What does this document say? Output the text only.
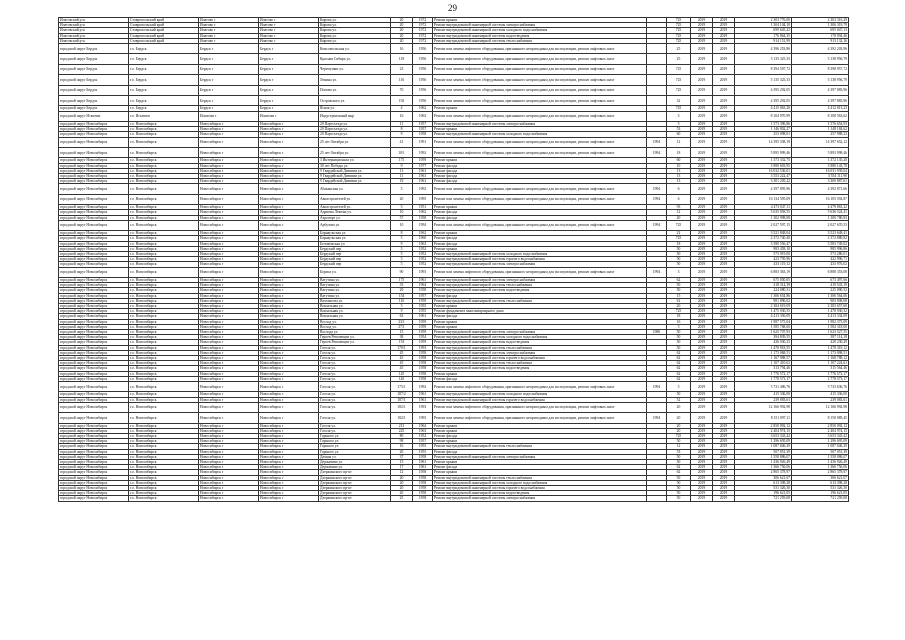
29
Ипатовский р-н	Ставропольский край	Ипатово г	Ипатово г	Кирова ул.	20	1972	Ремонт крыши		725	2019	2019	2 303 776,00	2 303 316,29
Ипатовский р-н	Ставропольский край	Ипатово г	Ипатово г	Кирова ул.	20	1972	Ремонт внутридомовой инженерной системы электроснабжения		725	2019	2019	1 304 104,10	1 306 319,79
Ипатовский р-н	Ставропольский край	Ипатово г	Ипатово г	Кирова ул.	20	1972	Ремонт внутридомовой инженерной системы холодного водоснабжения		725	2019	2019	699 645,22	695 047,13
Ипатовский р-н	Ставропольский край	Ипатово г	Ипатово г	Кирова ул.	20	1972	Ремонт внутридомовой инженерной системы водоотведения		725	2019	2019	176 864,35	178 094,46
Ипатовский р-н	Ставропольский край	Ипатово г	Ипатово г	Кирова ул.	20	1972	Ремонт внутридомовой инженерной системы теплоснабжения		725	2019	2019	914 151,99	913 132,16
городской округ Бердск	г.о. Бердск	Бердск г	Бердск г	Комсомольская ул.	16	1956	Ремонт или замена лифтового оборудования, признанного непригодным для эксплуатации, ремонт лифтовых шахт		25	2019	2019	4 396 253,86	4 392 203,96
городской округ Бердск	г.о. Бердск	Бердск г	Бердск г	Красная Сибирь ул.	118	1956	Ремонт или замена лифтового оборудования, признанного непригодным для эксплуатации, ремонт лифтовых шахт		25	2019	2019	5 135 325,33	5 138 956,79
городской округ Бердск	г.о. Бердск	Бердск г	Бердск г	Черемушки ул.	23	1956	Ремонт или замена лифтового оборудования, признанного непригодным для эксплуатации, ремонт лифтовых шахт		725	2019	2019	8 394 507,72	8 398 957,72
городской округ Бердск	г.о. Бердск	Бердск г	Бердск г	Ленина ул.	116	1956	Ремонт или замена лифтового оборудования, признанного непригодным для эксплуатации, ремонт лифтовых шахт		725	2019	2019	5 135 325,33	5 138 956,79
городской округ Бердск	г.о. Бердск	Бердск г	Бердск г	Попова ул.	70	1956	Ремонт или замена лифтового оборудования, признанного непригодным для эксплуатации, ремонт лифтовых шахт		725	2019	2019	4 395 292,05	4 397 883,96
городской округ Бердск	г.о. Бердск	Бердск г	Бердск г	Островского ул.	192	1956	Ремонт или замена лифтового оборудования, признанного непригодным для эксплуатации, ремонт лифтовых шахт		32	2019	2019	4 395 292,05	4 397 883,96
городской округ Бердск	г.о. Бердск	Бердск г	Бердск г	Ясная ул.	4	1962	Ремонт крыши		725	2019	2019	4 415 063,20	4 412 813,23
городской округ Искитим	г.о. Искитим	Искитим г	Искитим г	Индустриальный мкр	16	1963	Ремонт или замена лифтового оборудования, признанного непригодным для эксплуатации, ремонт лифтовых шахт		3	2019	2019	8 104 970,99	8 108 563,62
городской округ Новосибирск	г.о. Новосибирск	Новосибирск г	Новосибирск г	20 Партсъезда ул.	11	1957	Ремонт внутридомовой инженерной системы электроснабжения		5	2019	2019	1 573 396,86	1 576 654,93
городской округ Новосибирск	г.о. Новосибирск	Новосибирск г	Новосибирск г	20 Партсъезда ул.	8	1957	Ремонт крыши		53	2019	2019	1 146 802,27	1 148 184,62
городской округ Новосибирск	г.о. Новосибирск	Новосибирск г	Новосибирск г	20 Партсъезда ул.	9	1958	Ремонт внутридомовой инженерной системы холодного водоснабжения		60	2019	2019	253 098,01	257 988,23
городской округ Новосибирск	г.о. Новосибирск	Новосибирск г	Новосибирск г	25 лет Октября ул.	41	1991	Ремонт или замена лифтового оборудования, признанного непригодным для эксплуатации, ремонт лифтовых шахт	1994	12	2019	2019	14 395 338,19	14 397 652,12
городской округ Новосибирск	г.о. Новосибирск	Новосибирск г	Новосибирск г	25 лет Октября ул.	10/1	1992	Ремонт или замена лифтового оборудования, признанного непригодным для эксплуатации, ремонт лифтовых шахт	1994	18	2019	2019	5 895 999,46	5 893 998,46
городской округ Новосибирск	г.о. Новосибирск	Новосибирск г	Новосибирск г	3 Интернационала ул.	175	1959	Ремонт крыши		60	2019	2019	1 373 332,75	1 372 135,20
городской округ Новосибирск	г.о. Новосибирск	Новосибирск г	Новосибирск г	30 лет Победы ул.	9	1977	Ремонт фасада		10	2019	2019	3 980 603,95	3 980 143,70
городской округ Новосибирск	г.о. Новосибирск	Новосибирск г	Новосибирск г	9 Гвардейской Дивизии ул.	13	1961	Ремонт фасада		13	2019	2019	16 032 536,01	16 031 939,04
городской округ Новосибирск	г.о. Новосибирск	Новосибирск г	Новосибирск г	9 Гвардейской Дивизии ул.	11	1961	Ремонт фасада		13	2019	2019	3 553 222,47	3 554 111,90
городской округ Новосибирск	г.о. Новосибирск	Новосибирск г	Новосибирск г	9 Гвардейской Дивизии ул.	19	1961	Ремонт фасада		13	2019	2019	3 301 205,22	3 300 887,61
городской округ Новосибирск	г.о. Новосибирск	Новосибирск г	Новосибирск г	Абаканская ул.	5	1992	Ремонт или замена лифтового оборудования, признанного непригодным для эксплуатации, ремонт лифтовых шахт	1994	6	2019	2019	4 397 095,96	4 392 871,66
городской округ Новосибирск	г.о. Новосибирск	Новосибирск г	Новосибирск г	Авиастроителей ул.	20	1995	Ремонт или замена лифтового оборудования, признанного непригодным для эксплуатации, ремонт лифтовых шахт	1994	6	2019	2019	16 134 595,09	16 105 592,87
городской округ Новосибирск	г.о. Новосибирск	Новосибирск г	Новосибирск г	Авиастроителей ул.	5	1951	Ремонт крыши		93	2019	2019	4 473 047,11	4 479 863,22
городской округ Новосибирск	г.о. Новосибирск	Новосибирск г	Новосибирск г	Адриена Лежена ул.	10	1962	Ремонт фасада		12	2019	2019	5 635 058,55	5 636 524,41
городской округ Новосибирск	г.о. Новосибирск	Новосибирск г	Новосибирск г	Аэропорт ул.	57	1958	Ремонт фасада		20	2019	2019	1 302 998,08	1 300 780,83
городской округ Новосибирск	г.о. Новосибирск	Новосибирск г	Новосибирск г	Арбузова ул.	10	1994	Ремонт или замена лифтового оборудования, признанного непригодным для эксплуатации, ремонт лифтовых шахт	1994	725	2019	2019	2 027 597,15	2 027 670,53
городской округ Новосибирск	г.о. Новосибирск	Новосибирск г	Новосибирск г	Барнаульская ул.	8	1962	Ремонт крыши		22	2019	2019	3 521 848,04	3 523 648,41
городской округ Новосибирск	г.о. Новосибирск	Новосибирск г	Новосибирск г	Барнаульская ул.	5	1960	Ремонт фасада		725	2019	2019	2 372 740,40	2 372 880,82
городской округ Новосибирск	г.о. Новосибирск	Новосибирск г	Новосибирск г	Беловежская ул.	9	1963	Ремонт фасада		18	2019	2019	3 580 556,47	3 583 749,02
городской округ Новосибирск	г.о. Новосибирск	Новосибирск г	Новосибирск г	Бердский пер	5	1952	Ремонт крыши		50	2019	2019	983 458,10	985 996,86
городской округ Новосибирск	г.о. Новосибирск	Новосибирск г	Новосибирск г	Бердский пер	5	1952	Ремонт внутридомовой инженерной системы холодного водоснабжения		50	2019	2019	573 919,00	573 286,01
городской округ Новосибирск	г.о. Новосибирск	Новосибирск г	Новосибирск г	Бердский пер	5	1952	Ремонт внутридомовой инженерной системы горячего водоснабжения		50	2019	2019	423 795,96	422 996,71
городской округ Новосибирск	г.о. Новосибирск	Новосибирск г	Новосибирск г	Бердский пер	5	1952	Ремонт внутридомовой инженерной системы электроснабжения		50	2019	2019	433 119,12	433 976,02
городской округ Новосибирск	г.о. Новосибирск	Новосибирск г	Новосибирск г	Бориса ул.	90	1993	Ремонт или замена лифтового оборудования, признанного непригодным для эксплуатации, ремонт лифтовых шахт	1994	3	2019	2019	6 883 363,19	6 888 353,08
городской округ Новосибирск	г.о. Новосибирск	Новосибирск г	Новосибирск г	Ватутина ул.	175	1961	Ремонт внутридомовой инженерной системы электроснабжения		62	2019	2019	675 050,05	673 497,66
городской округ Новосибирск	г.о. Новосибирск	Новосибирск г	Новосибирск г	Ватутина ул.	33	1964	Ремонт внутридомовой инженерной системы теплоснабжения		50	2019	2019	418 314,39	419 543,19
городской округ Новосибирск	г.о. Новосибирск	Новосибирск г	Новосибирск г	Ватутина ул.	29	1958	Ремонт внутридомовой инженерной системы водоотведения		50	2019	2019	224 080,31	225 090,52
городской округ Новосибирск	г.о. Новосибирск	Новосибирск г	Новосибирск г	Ватутина ул.	154	1957	Ремонт фасада		15	2019	2019	1 306 654,86	1 306 564,06
городской округ Новосибирск	г.о. Новосибирск	Новосибирск г	Новосибирск г	Вахтангова ул.	116	1959	Ремонт внутридомовой инженерной системы теплоснабжения		61	2019	2019	981 896,02	983 908,08
городской округ Новосибирск	г.о. Новосибирск	Новосибирск г	Новосибирск г	Вокзальная ул.	5	1955	Ремонт крыши		20	2019	2019	2 384 619,09	2 383 657,60
городской округ Новосибирск	г.о. Новосибирск	Новосибирск г	Новосибирск г	Вокзальная ул.	9	1955	Ремонт фундамента многоквартирного дома		725	2019	2019	1 475 930,55	1 478 930,52
городской округ Новосибирск	г.о. Новосибирск	Новосибирск г	Новосибирск г	Вокзальная ул.	63	1961	Ремонт фасада		18	2019	2019	4 413 356,09	4 413 334,09
городской округ Новосибирск	г.о. Новосибирск	Новосибирск г	Новосибирск г	Восход ул.	23/1	1959	Ремонт крыши		16	2019	2019	1 987 575,04	1 982 375,09
городской округ Новосибирск	г.о. Новосибирск	Новосибирск г	Новосибирск г	Восход ул.	27/1	1959	Ремонт крыши		5	2019	2019	1 585 768,00	1 584 318,00
городской округ Новосибирск	г.о. Новосибирск	Новосибирск г	Новосибирск г	Восхода ул.	15	1959	Ремонт внутридомовой инженерной системы электроснабжения	1986	50	2019	2019	1 625 707,93	1 623 527,55
городской округ Новосибирск	г.о. Новосибирск	Новосибирск г	Новосибирск г	Героев Революции ул.	38	1954	Ремонт внутридомовой инженерной системы холодного водоснабжения		50	2019	2019	394 839,55	397 114,18
городской округ Новосибирск	г.о. Новосибирск	Новосибирск г	Новосибирск г	Героев Революции ул.	153	1959	Ремонт внутридомовой инженерной системы водоотведения		50	2019	2019	426 030,23	428 230,29
городской округ Новосибирск	г.о. Новосибирск	Новосибирск г	Новосибирск г	Гоголя ул.	170/1	1993	Ремонт внутридомовой инженерной системы теплоснабжения		50	2019	2019	1 478 918,55	1 478 319,12
городской округ Новосибирск	г.о. Новосибирск	Новосибирск г	Новосибирск г	Гоголя ул.	45	1958	Ремонт внутридомовой инженерной системы электроснабжения		62	2019	2019	1 173 068,51	1 173 098,51
городской округ Новосибирск	г.о. Новосибирск	Новосибирск г	Новосибирск г	Гоголя ул.	45	1958	Ремонт внутридомовой инженерной системы горячего водоснабжения		62	2019	2019	1 167 988,57	1 168 788,12
городской округ Новосибирск	г.о. Новосибирск	Новосибирск г	Новосибирск г	Гоголя ул.	45	1958	Ремонт внутридомовой инженерной системы теплоснабжения		62	2019	2019	1 107 410,61	1 107 224,61
городской округ Новосибирск	г.о. Новосибирск	Новосибирск г	Новосибирск г	Гоголя ул.	45	1958	Ремонт внутридомовой инженерной системы водоотведения		62	2019	2019	313 794,46	315 564,46
городской округ Новосибирск	г.о. Новосибирск	Новосибирск г	Новосибирск г	Гоголя ул.	145	1958	Ремонт крыши		62	2019	2019	1 776 572,17	1 776 572,17
городской округ Новосибирск	г.о. Новосибирск	Новосибирск г	Новосибирск г	Гоголя ул.	145	1958	Ремонт фасада		62	2019	2019	1 778 573,17	1 778 573,17
городской округ Новосибирск	г.о. Новосибирск	Новосибирск г	Новосибирск г	Гоголя ул.	175/1	1992	Ремонт или замена лифтового оборудования, признанного непригодным для эксплуатации, ремонт лифтовых шахт	1994	5	2019	2019	5 731 496,76	5 733 636,76
городской округ Новосибирск	г.о. Новосибирск	Новосибирск г	Новосибирск г	Гоголя ул.	187/2	1961	Ремонт внутридомовой инженерной системы холодного водоснабжения		50	2019	2019	415 336,00	415 336,00
городской округ Новосибирск	г.о. Новосибирск	Новосибирск г	Новосибирск г	Гоголя ул.	187/1	1961	Ремонт внутридомовой инженерной системы горячего водоснабжения		52	2019	2019	239 083,61	239 083,61
городской округ Новосибирск	г.о. Новосибирск	Новосибирск г	Новосибирск г	Гоголя ул.	182/1	1993	Ремонт или замена лифтового оборудования, признанного непригодным для эксплуатации, ремонт лифтовых шахт		20	2019	2019	12 166 992,98	12 166 992,98
городской округ Новосибирск	г.о. Новосибирск	Новосибирск г	Новосибирск г	Гоголя ул.	182/1	1993	Ремонт или замена лифтового оборудования, признанного непригодным для эксплуатации, ремонт лифтовых шахт	1994	20	2019	2019	8 151 097,11	8 150 085,45
городской округ Новосибирск	г.о. Новосибирск	Новосибирск г	Новосибирск г	Гоголя ул.	213	1964	Ремонт крыши		20	2019	2019	2 850 092,12	2 850 092,12
городской округ Новосибирск	г.о. Новосибирск	Новосибирск г	Новосибирск г	Гоголя ул.	225	1963	Ремонт крыши		20	2019	2019	2 404 974,15	2 404 974,15
городской округ Новосибирск	г.о. Новосибирск	Новосибирск г	Новосибирск г	Горького ул.	80	1952	Ремонт фасада		725	2019	2019	3 653 343,42	3 653 343,42
городской округ Новосибирск	г.о. Новосибирск	Новосибирск г	Новосибирск г	Горького ул.	98	1957	Ремонт крыши		50	2019	2019	1 296 695,09	1 296 695,09
городской округ Новосибирск	г.о. Новосибирск	Новосибирск г	Новосибирск г	Горького ул.	16	1955	Ремонт внутридомовой инженерной системы теплоснабжения		12	2019	2019	1 087 046,29	1 087 046,29
городской округ Новосибирск	г.о. Новосибирск	Новосибирск г	Новосибирск г	Горького ул.	20	1955	Ремонт фасада		53	2019	2019	507 051,39	507 051,39
городской округ Новосибирск	г.о. Новосибирск	Новосибирск г	Новосибирск г	Дачная ул.	37	1958	Ремонт внутридомовой инженерной системы электроснабжения		50	2019	2019	1 558 886,07	1 558 886,07
городской округ Новосибирск	г.о. Новосибирск	Новосибирск г	Новосибирск г	Державина ул.	15	1961	Ремонт крыши		50	2019	2019	1 436 926,49	1 436 926,49
городской округ Новосибирск	г.о. Новосибирск	Новосибирск г	Новосибирск г	Державина ул.	17	1961	Ремонт фасада		62	2019	2019	1 366 756,06	1 366 756,06
городской округ Новосибирск	г.о. Новосибирск	Новосибирск г	Новосибирск г	Дзержинского пр-кт	12	1958	Ремонт крыши		62	2019	2019	2 865 378,97	2 865 378,97
городской округ Новосибирск	г.о. Новосибирск	Новосибирск г	Новосибирск г	Дзержинского пр-кт	20	1958	Ремонт внутридомовой инженерной системы теплоснабжения		50	2019	2019	306 621,07	306 621,07
городской округ Новосибирск	г.о. Новосибирск	Новосибирск г	Новосибирск г	Дзержинского пр-кт	20	1958	Ремонт внутридомовой инженерной системы холодного водоснабжения		50	2019	2019	613 398,28	613 398,28
городской округ Новосибирск	г.о. Новосибирск	Новосибирск г	Новосибирск г	Дзержинского пр-кт	20	1958	Ремонт внутридомовой инженерной системы горячего водоснабжения		50	2019	2019	531 326,30	531 326,30
городской округ Новосибирск	г.о. Новосибирск	Новосибирск г	Новосибирск г	Дзержинского пр-кт	20	1958	Ремонт внутридомовой инженерной системы водоотведения		50	2019	2019	196 621,05	196 621,05
городской округ Новосибирск	г.о. Новосибирск	Новосибирск г	Новосибирск г	Дзержинского пр-кт	25	1958	Ремонт внутридомовой инженерной системы электроснабжения		50	2019	2019	721 259,08	721 259,08
